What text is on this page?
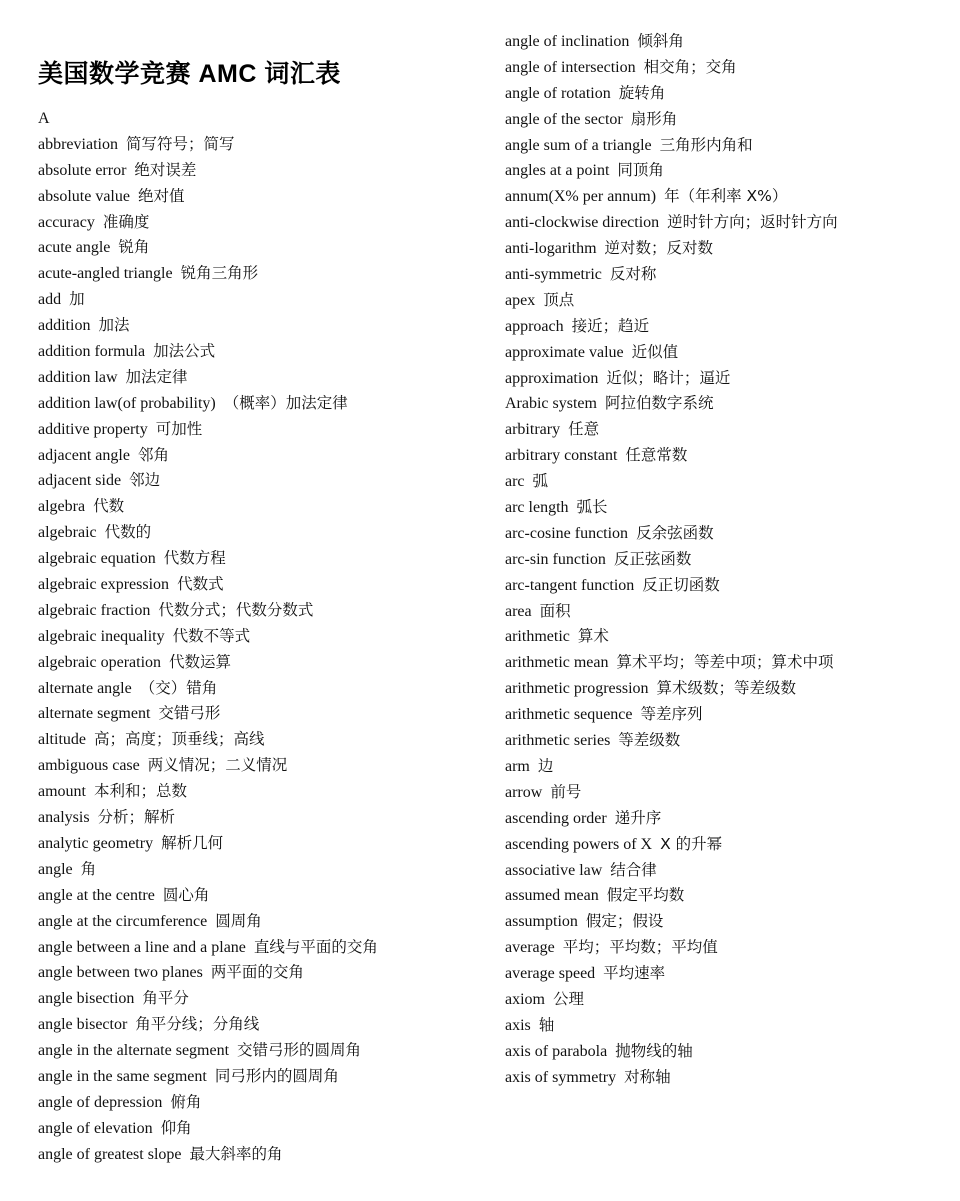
美国数学竞赛 AMC 词汇表
A
abbreviation 简写符号；简写
absolute error 绝对误差
absolute value 绝对值
accuracy 准确度
acute angle 锐角
acute-angled triangle 锐角三角形
add 加
addition 加法
addition formula 加法公式
addition law 加法定律
addition law(of probability) （概率）加法定律
additive property 可加性
adjacent angle 邻角
adjacent side 邻边
algebra 代数
algebraic 代数的
algebraic equation 代数方程
algebraic expression 代数式
algebraic fraction 代数分式；代数分数式
algebraic inequality 代数不等式
algebraic operation 代数运算
alternate angle （交）错角
alternate segment 交错弓形
altitude 高；高度；顶垂线；高线
ambiguous case 两义情况；二义情况
amount 本利和；总数
analysis 分析；解析
analytic geometry 解析几何
angle 角
angle at the centre 圆心角
angle at the circumference 圆周角
angle between a line and a plane 直线与平面的交角
angle between two planes 两平面的交角
angle bisection 角平分
angle bisector 角平分线；分角线
angle in the alternate segment 交错弓形的圆周角
angle in the same segment 同弓形内的圆周角
angle of depression 俯角
angle of elevation 仰角
angle of greatest slope 最大斜率的角
angle of inclination 倾斜角
angle of intersection 相交角；交角
angle of rotation 旋转角
angle of the sector 扇形角
angle sum of a triangle 三角形内角和
angles at a point 同顶角
annum(X% per annum) 年（年利率 X%）
anti-clockwise direction 逆时针方向；返时针方向
anti-logarithm 逆对数；反对数
anti-symmetric 反对称
apex 顶点
approach 接近；趋近
approximate value 近似值
approximation 近似；略计；逼近
Arabic system 阿拉伯数字系统
arbitrary 任意
arbitrary constant 任意常数
arc 弧
arc length 弧长
arc-cosine function 反余弦函数
arc-sin function 反正弦函数
arc-tangent function 反正切函数
area 面积
arithmetic 算术
arithmetic mean 算术平均；等差中项；算术中项
arithmetic progression 算术级数；等差级数
arithmetic sequence 等差序列
arithmetic series 等差级数
arm 边
arrow 前号
ascending order 递升序
ascending powers of X X 的升幂
associative law 结合律
assumed mean 假定平均数
assumption 假定；假设
average 平均；平均数；平均值
average speed 平均速率
axiom 公理
axis 轴
axis of parabola 抛物线的轴
axis of symmetry 对称轴
